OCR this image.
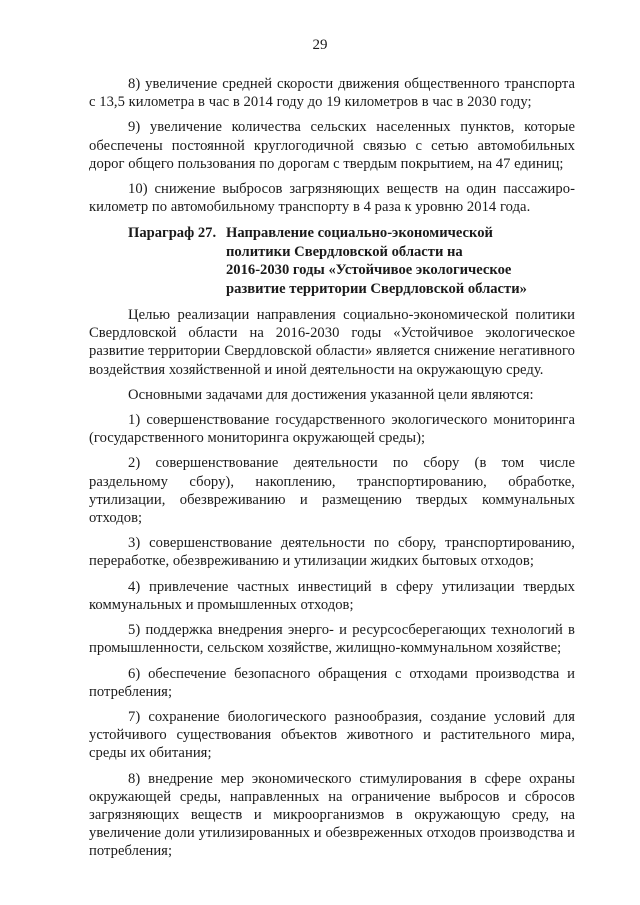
29

8) увеличение средней скорости движения общественного транспорта с 13,5 километра в час в 2014 году до 19 километров в час в 2030 году;

9) увеличение количества сельских населенных пунктов, которые обеспечены постоянной круглогодичной связью с сетью автомобильных дорог общего пользования по дорогам с твердым покрытием, на 47 единиц;

10) снижение выбросов загрязняющих веществ на один пассажиро-километр по автомобильному транспорту в 4 раза к уровню 2014 года.

Параграф 27. Направление социально-экономической
политики Свердловской области на
2016-2030 годы «Устойчивое экологическое
развитие территории Свердловской области»

Целью реализации направления социально-экономической политики Свердловской области на 2016-2030 годы «Устойчивое экологическое развитие территории Свердловской области» является снижение негативного воздействия хозяйственной и иной деятельности на окружающую среду.

Основными задачами для достижения указанной цели являются:

1) совершенствование государственного экологического мониторинга (государственного мониторинга окружающей среды);

2) совершенствование деятельности по сбору (в том числе раздельному сбору), накоплению, транспортированию, обработке, утилизации, обезвреживанию и размещению твердых коммунальных отходов;

3) совершенствование деятельности по сбору, транспортированию, переработке, обезвреживанию и утилизации жидких бытовых отходов;

4) привлечение частных инвестиций в сферу утилизации твердых коммунальных и промышленных отходов;

5) поддержка внедрения энерго- и ресурсосберегающих технологий в промышленности, сельском хозяйстве, жилищно-коммунальном хозяйстве;

6) обеспечение безопасного обращения с отходами производства и потребления;

7) сохранение биологического разнообразия, создание условий для устойчивого существования объектов животного и растительного мира, среды их обитания;

8) внедрение мер экономического стимулирования в сфере охраны окружающей среды, направленных на ограничение выбросов и сбросов загрязняющих веществ и микроорганизмов в окружающую среду, на увеличение доли утилизированных и обезвреженных отходов производства и потребления;
